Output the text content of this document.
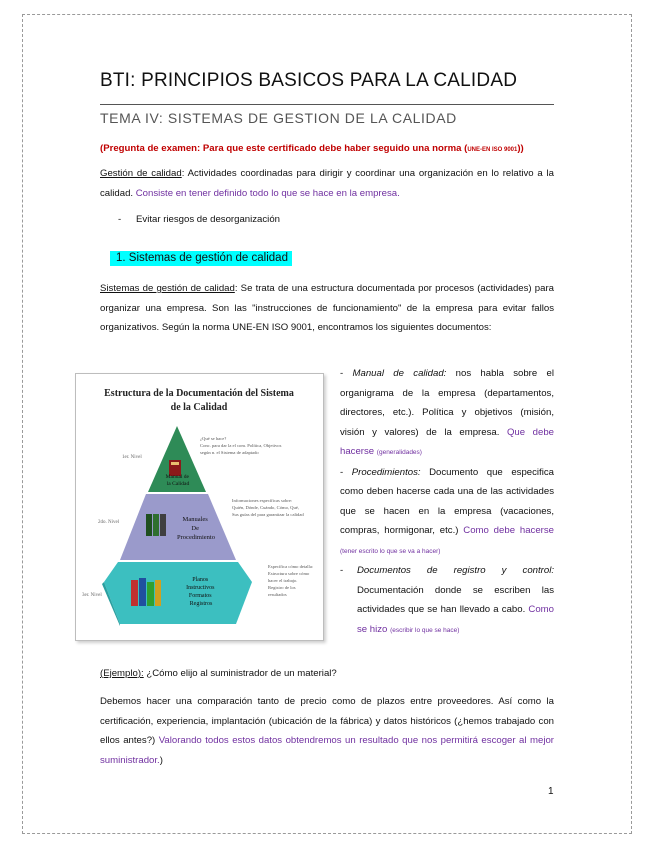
BTI: PRINCIPIOS BASICOS PARA LA CALIDAD
TEMA IV: SISTEMAS DE GESTION DE LA CALIDAD
(Pregunta de examen: Para que este certificado debe haber seguido una norma (UNE-EN ISO 9001))
Gestión de calidad: Actividades coordinadas para dirigir y coordinar una organización en lo relativo a la calidad. Consiste en tener definido todo lo que se hace en la empresa.
- Evitar riesgos de desorganización
1. Sistemas de gestión de calidad
Sistemas de gestión de calidad: Se trata de una estructura documentada por procesos (actividades) para organizar una empresa. Son las "instrucciones de funcionamiento" de la empresa para evitar fallos organizativos. Según la norma UNE-EN ISO 9001, encontramos los siguientes documentos:
Estructura de la Documentación del Sistema
de la Calidad
Manual de la Calidad
Manuales De Procedimiento
Planos Instructivos Formatos Registros
1er. Nivel
2do. Nivel
3er. Nivel
¿Qué se hace? Conc. para dar la el com. Política, Objetivos según n. el Sistema de adaptado
Informaciones específicas sobre: Quién, Dónde, Cuándo, Cómo, Qué, Sus guías del para garantizar la calidad
Específica cómo detalla: Estructura sobre cómo hacer el trabajo. Registro de los resultados
- Manual de calidad: nos habla sobre el organigrama de la empresa (departamentos, directores, etc.). Política y objetivos (misión, visión y valores) de la empresa. Que debe hacerse (generalidades)
- Procedimientos: Documento que especifica como deben hacerse cada una de las actividades que se hacen en la empresa (vacaciones, compras, hormigonar, etc.) Como debe hacerse (tener escrito lo que se va a hacer)
-	Documentos de registro y control: Documentación donde se escriben las actividades que se han llevado a cabo. Como se hizo (escribir lo que se hace)
(Ejemplo): ¿Cómo elijo al suministrador de un material?
Debemos hacer una comparación tanto de precio como de plazos entre proveedores. Así como la certificación, experiencia, implantación (ubicación de la fábrica) y datos históricos (¿hemos trabajado con ellos antes?) Valorando todos estos datos obtendremos un resultado que nos permitirá escoger al mejor suministrador.)
1
